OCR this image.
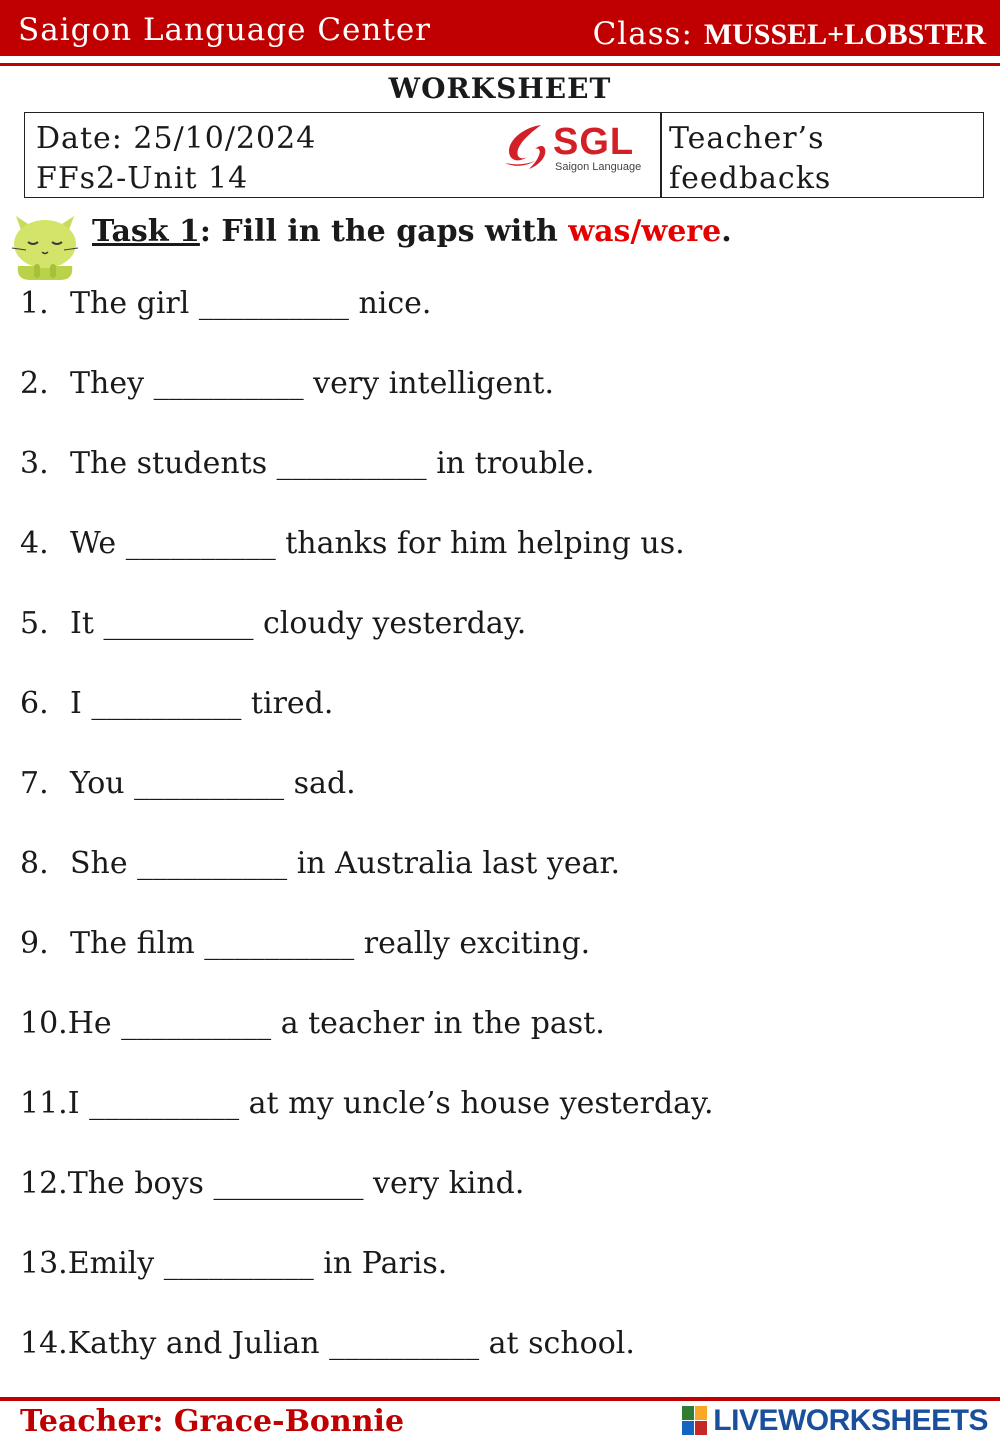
Saigon Language Center	Class: MUSSEL+LOBSTER
WORKSHEET
Date: 25/10/2024
FFs2-Unit 14
SGL
Saigon Language
Teacher’s
feedbacks
Task 1: Fill in the gaps with was/were.
1. The girl __________ nice.
2. They __________ very intelligent.
3. The students __________ in trouble.
4. We __________ thanks for him helping us.
5. It __________ cloudy yesterday.
6. I __________ tired.
7. You __________ sad.
8. She __________ in Australia last year.
9. The film __________ really exciting.
10.He __________ a teacher in the past.
11.I __________ at my uncle’s house yesterday.
12.The boys __________ very kind.
13.Emily __________ in Paris.
14.Kathy and Julian __________ at school.
Teacher: Grace-Bonnie	LIVEWORKSHEETS
